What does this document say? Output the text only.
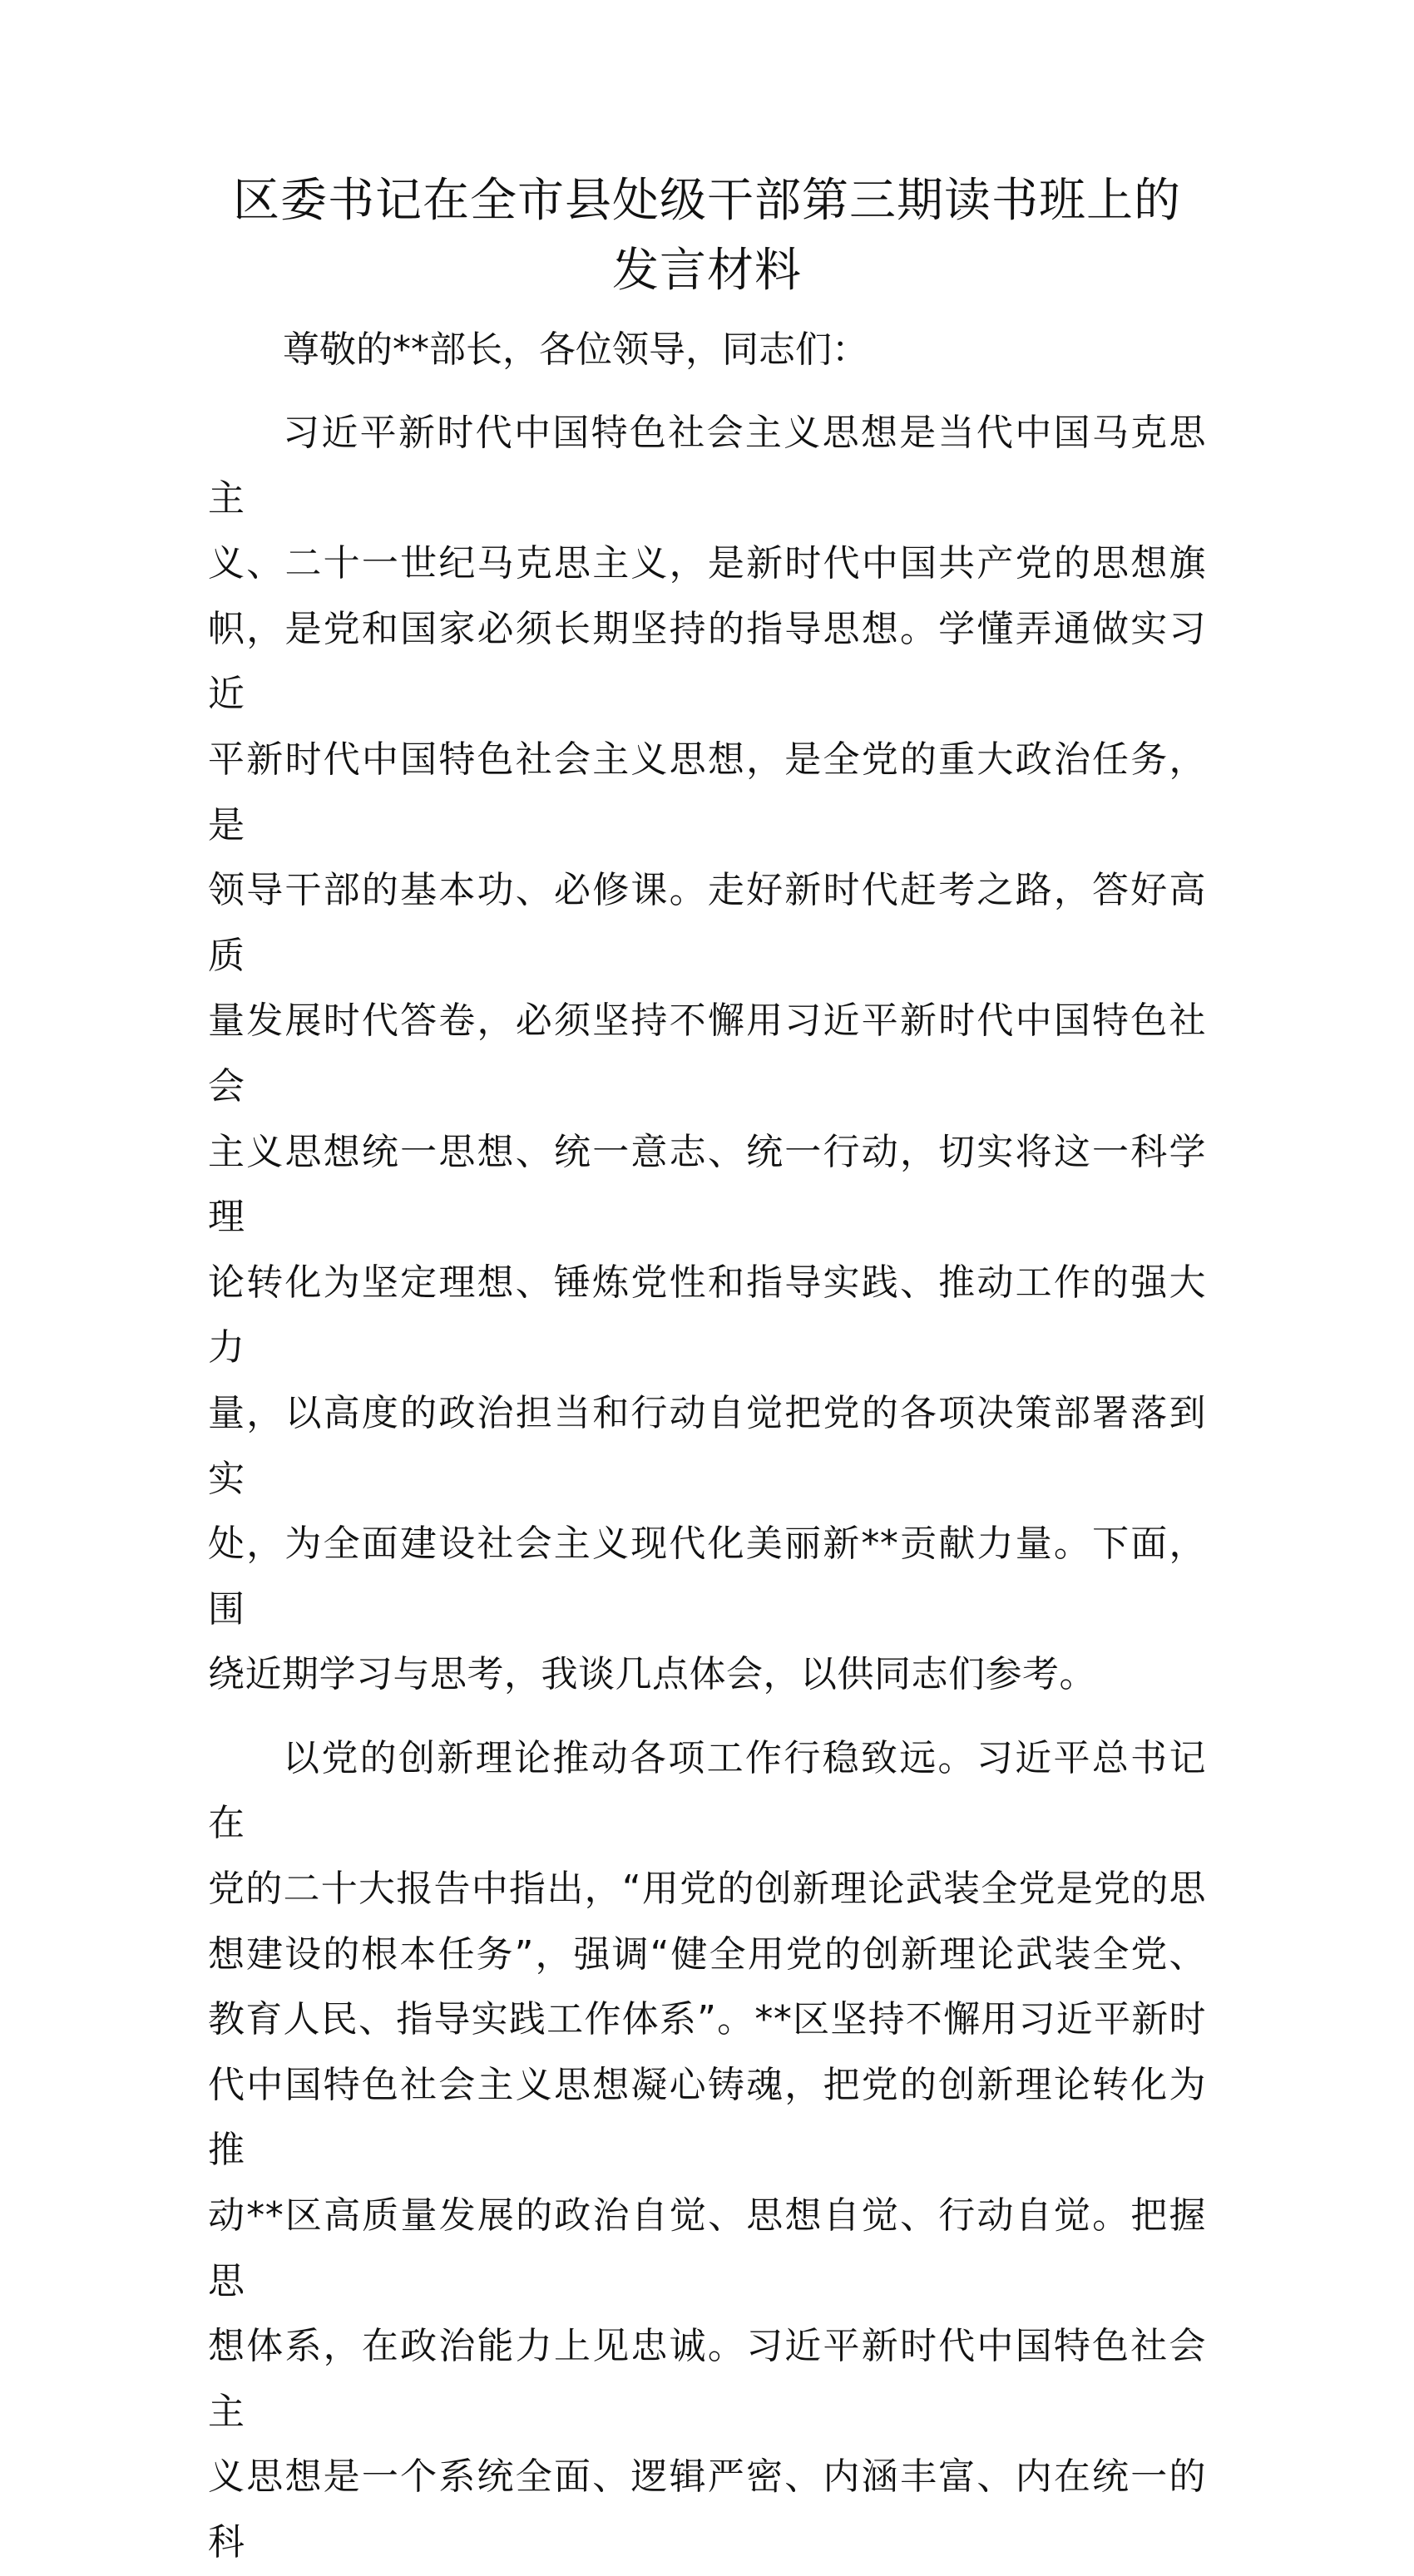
区委书记在全市县处级干部第三期读书班上的
发言材料

尊敬的**部长，各位领导，同志们：

习近平新时代中国特色社会主义思想是当代中国马克思主
义、二十一世纪马克思主义，是新时代中国共产党的思想旗
帜，是党和国家必须长期坚持的指导思想。学懂弄通做实习近
平新时代中国特色社会主义思想，是全党的重大政治任务，是
领导干部的基本功、必修课。走好新时代赶考之路，答好高质
量发展时代答卷，必须坚持不懈用习近平新时代中国特色社会
主义思想统一思想、统一意志、统一行动，切实将这一科学理
论转化为坚定理想、锤炼党性和指导实践、推动工作的强大力
量，以高度的政治担当和行动自觉把党的各项决策部署落到实
处，为全面建设社会主义现代化美丽新**贡献力量。下面，围
绕近期学习与思考，我谈几点体会，以供同志们参考。
以党的创新理论推动各项工作行稳致远。习近平总书记在
党的二十大报告中指出，“用党的创新理论武装全党是党的思
想建设的根本任务”，强调“健全用党的创新理论武装全党、
教育人民、指导实践工作体系”。**区坚持不懈用习近平新时
代中国特色社会主义思想凝心铸魂，把党的创新理论转化为推
动**区高质量发展的政治自觉、思想自觉、行动自觉。把握思
想体系，在政治能力上见忠诚。习近平新时代中国特色社会主
义思想是一个系统全面、逻辑严密、内涵丰富、内在统一的科
